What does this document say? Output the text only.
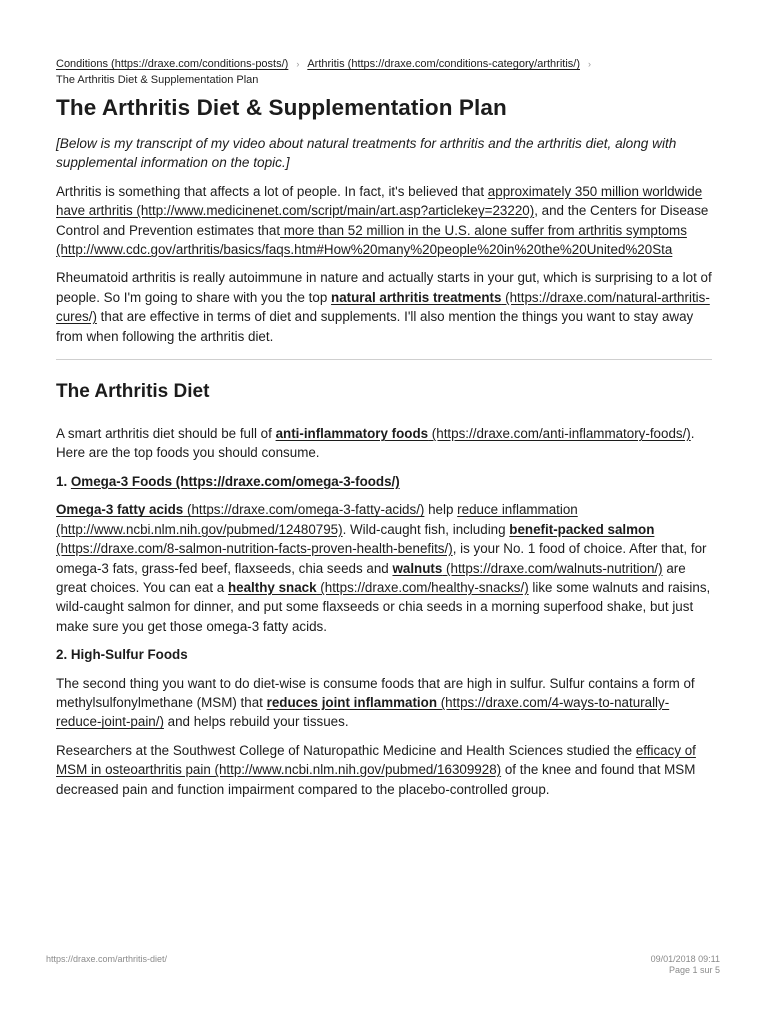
Conditions (https://draxe.com/conditions-posts/) › Arthritis (https://draxe.com/conditions-category/arthritis/) ›
The Arthritis Diet & Supplementation Plan
The Arthritis Diet & Supplementation Plan

[Below is my transcript of my video about natural treatments for arthritis and the arthritis diet, along with supplemental information on the topic.]

Arthritis is something that affects a lot of people. In fact, it's believed that approximately 350 million worldwide have arthritis (http://www.medicinenet.com/script/main/art.asp?articlekey=23220), and the Centers for Disease Control and Prevention estimates that more than 52 million in the U.S. alone suffer from arthritis symptoms
(http://www.cdc.gov/arthritis/basics/faqs.htm#How%20many%20people%20in%20the%20United%20Sta

Rheumatoid arthritis is really autoimmune in nature and actually starts in your gut, which is surprising to a lot of people. So I'm going to share with you the top natural arthritis treatments (https://draxe.com/natural-arthritis-cures/) that are effective in terms of diet and supplements. I'll also mention the things you want to stay away from when following the arthritis diet.

The Arthritis Diet

A smart arthritis diet should be full of anti-inflammatory foods (https://draxe.com/anti-inflammatory-foods/). Here are the top foods you should consume.

1. Omega-3 Foods (https://draxe.com/omega-3-foods/)

Omega-3 fatty acids (https://draxe.com/omega-3-fatty-acids/) help reduce inflammation (http://www.ncbi.nlm.nih.gov/pubmed/12480795). Wild-caught fish, including benefit-packed salmon (https://draxe.com/8-salmon-nutrition-facts-proven-health-benefits/), is your No. 1 food of choice. After that, for omega-3 fats, grass-fed beef, flaxseeds, chia seeds and walnuts (https://draxe.com/walnuts-nutrition/) are great choices. You can eat a healthy snack (https://draxe.com/healthy-snacks/) like some walnuts and raisins, wild-caught salmon for dinner, and put some flaxseeds or chia seeds in a morning superfood shake, but just make sure you get those omega-3 fatty acids.

2. High-Sulfur Foods

The second thing you want to do diet-wise is consume foods that are high in sulfur. Sulfur contains a form of methylsulfonylmethane (MSM) that reduces joint inflammation (https://draxe.com/4-ways-to-naturally-reduce-joint-pain/) and helps rebuild your tissues.

Researchers at the Southwest College of Naturopathic Medicine and Health Sciences studied the efficacy of MSM in osteoarthritis pain (http://www.ncbi.nlm.nih.gov/pubmed/16309928) of the knee and found that MSM decreased pain and function impairment compared to the placebo-controlled group.

https://draxe.com/arthritis-diet/	09/01/2018 09:11
Page 1 sur 5
